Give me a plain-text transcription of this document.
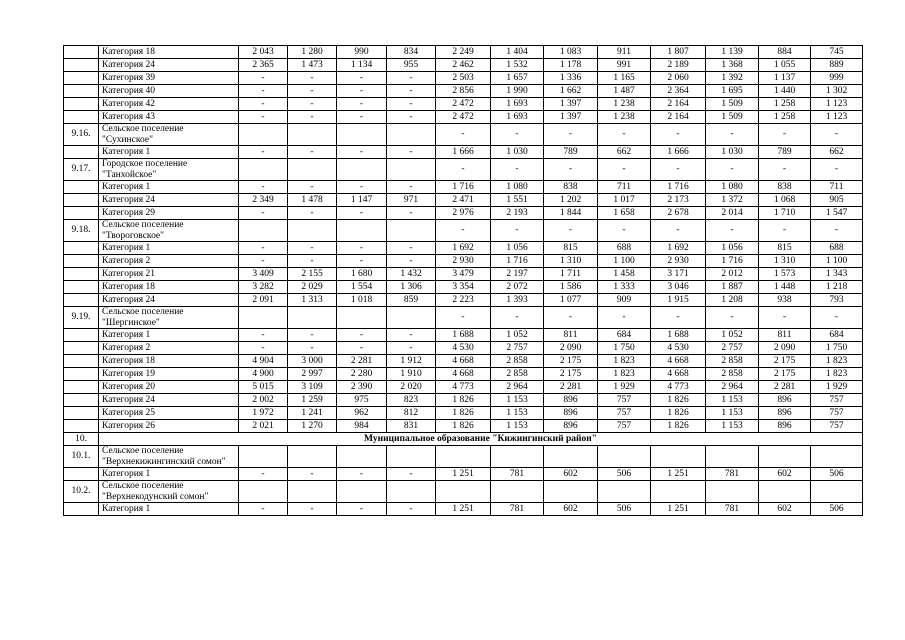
	Категория 18	2 043	1 280	990	834	2 249	1 404	1 083	911	1 807	1 139	884	745
	Категория 24	2 365	1 473	1 134	955	2 462	1 532	1 178	991	2 189	1 368	1 055	889
	Категория 39	-	-	-	-	2 503	1 657	1 336	1 165	2 060	1 392	1 137	999
	Категория 40	-	-	-	-	2 856	1 990	1 662	1 487	2 364	1 695	1 440	1 302
	Категория 42	-	-	-	-	2 472	1 693	1 397	1 238	2 164	1 509	1 258	1 123
	Категория 43	-	-	-	-	2 472	1 693	1 397	1 238	2 164	1 509	1 258	1 123
9.16.	Сельское поселение "Сухинское"					-	-	-	-	-	-	-	-
	Категория 1	-	-	-	-	1 666	1 030	789	662	1 666	1 030	789	662
9.17.	Городское поселение "Танхойское"					-	-	-	-	-	-	-	-
	Категория 1	-	-	-	-	1 716	1 080	838	711	1 716	1 080	838	711
	Категория 24	2 349	1 478	1 147	971	2 471	1 551	1 202	1 017	2 173	1 372	1 068	905
	Категория 29	-	-	-	-	2 976	2 193	1 844	1 658	2 678	2 014	1 710	1 547
9.18.	Сельское поселение "Твороговское"					-	-	-	-	-	-	-	-
	Категория 1	-	-	-	-	1 692	1 056	815	688	1 692	1 056	815	688
	Категория 2	-	-	-	-	2 930	1 716	1 310	1 100	2 930	1 716	1 310	1 100
	Категория 21	3 409	2 155	1 680	1 432	3 479	2 197	1 711	1 458	3 171	2 012	1 573	1 343
	Категория 18	3 282	2 029	1 554	1 306	3 354	2 072	1 586	1 333	3 046	1 887	1 448	1 218
	Категория 24	2 091	1 313	1 018	859	2 223	1 393	1 077	909	1 915	1 208	938	793
9.19.	Сельское поселение "Шергинское"					-	-	-	-	-	-	-	-
	Категория 1	-	-	-	-	1 688	1 052	811	684	1 688	1 052	811	684
	Категория 2	-	-	-	-	4 530	2 757	2 090	1 750	4 530	2 757	2 090	1 750
	Категория 18	4 904	3 000	2 281	1 912	4 668	2 858	2 175	1 823	4 668	2 858	2 175	1 823
	Категория 19	4 900	2 997	2 280	1 910	4 668	2 858	2 175	1 823	4 668	2 858	2 175	1 823
	Категория 20	5 015	3 109	2 390	2 020	4 773	2 964	2 281	1 929	4 773	2 964	2 281	1 929
	Категория 24	2 002	1 259	975	823	1 826	1 153	896	757	1 826	1 153	896	757
	Категория 25	1 972	1 241	962	812	1 826	1 153	896	757	1 826	1 153	896	757
	Категория 26	2 021	1 270	984	831	1 826	1 153	896	757	1 826	1 153	896	757
10.	Муниципальное образование "Кижингинский район"												
10.1.	Сельское поселение "Верхнекижингинский сомон"												
	Категория 1	-	-	-	-	1 251	781	602	506	1 251	781	602	506
10.2.	Сельское поселение "Верхнекодунский сомон"												
	Категория 1	-	-	-	-	1 251	781	602	506	1 251	781	602	506
